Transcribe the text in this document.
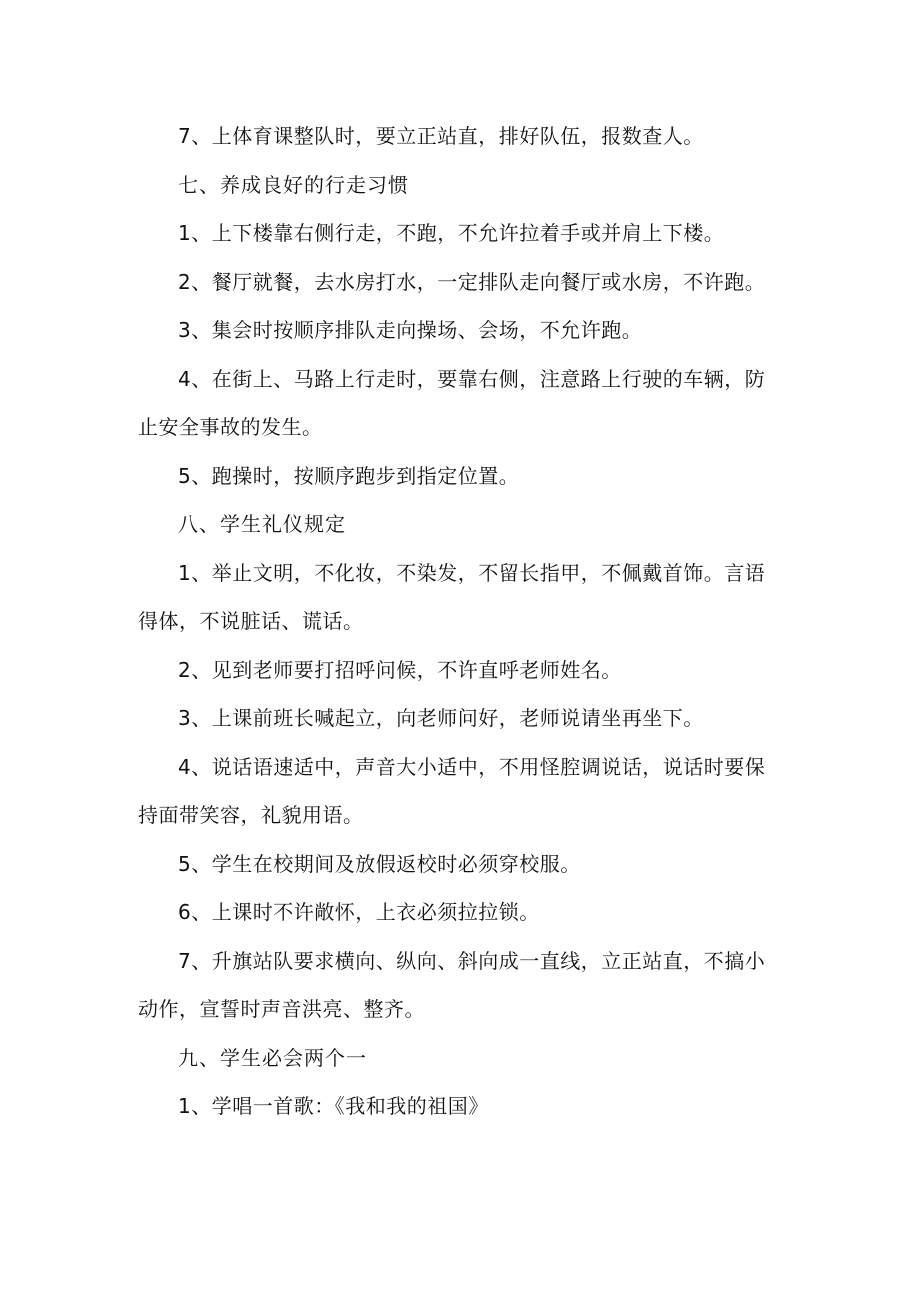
7、上体育课整队时，要立正站直，排好队伍，报数查人。

七、养成良好的行走习惯

1、上下楼靠右侧行走，不跑，不允许拉着手或并肩上下楼。

2、餐厅就餐，去水房打水，一定排队走向餐厅或水房，不许跑。

3、集会时按顺序排队走向操场、会场，不允许跑。

4、在街上、马路上行走时，要靠右侧，注意路上行驶的车辆，防止安全事故的发生。

5、跑操时，按顺序跑步到指定位置。

八、学生礼仪规定

1、举止文明，不化妆，不染发，不留长指甲，不佩戴首饰。言语得体，不说脏话、谎话。

2、见到老师要打招呼问候，不许直呼老师姓名。

3、上课前班长喊起立，向老师问好，老师说请坐再坐下。

4、说话语速适中，声音大小适中，不用怪腔调说话，说话时要保持面带笑容，礼貌用语。

5、学生在校期间及放假返校时必须穿校服。

6、上课时不许敞怀，上衣必须拉拉锁。

7、升旗站队要求横向、纵向、斜向成一直线，立正站直，不搞小动作，宣誓时声音洪亮、整齐。

九、学生必会两个一

1、学唱一首歌：《我和我的祖国》
